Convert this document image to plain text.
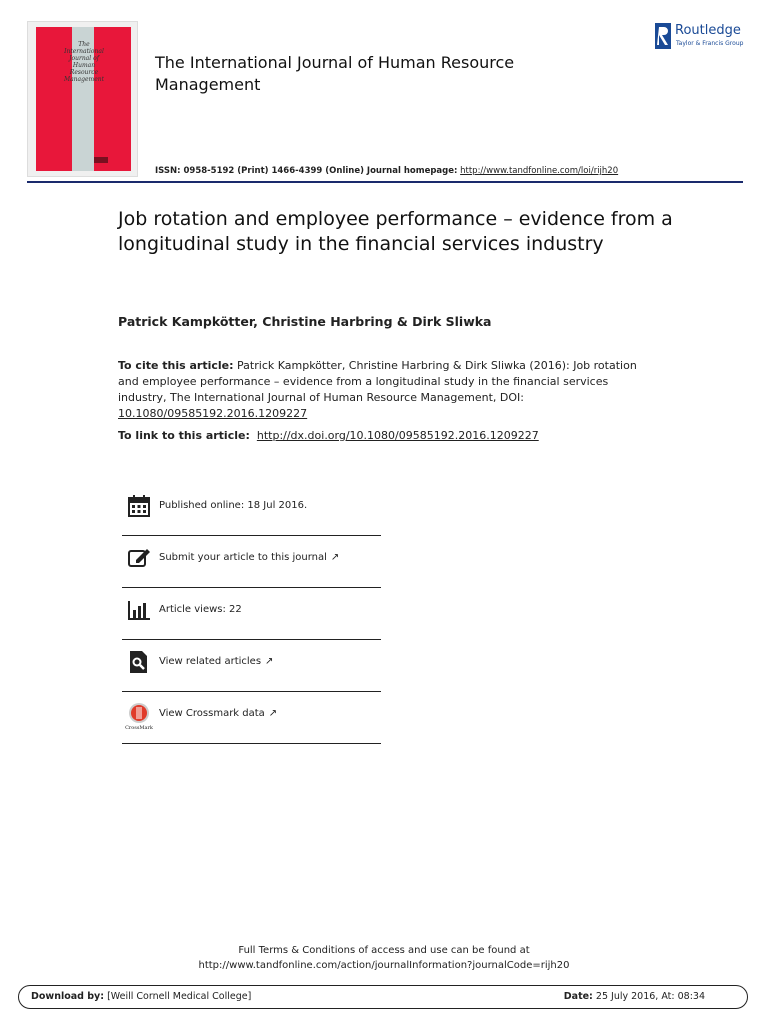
The
International
Journal of
Human
Resource
Management
The International Journal of Human Resource Management
Routledge
Taylor & Francis Group
ISSN: 0958-5192 (Print) 1466-4399 (Online) Journal homepage: http://www.tandfonline.com/loi/rijh20
Job rotation and employee performance – evidence from a longitudinal study in the financial services industry
Patrick Kampkötter, Christine Harbring & Dirk Sliwka
To cite this article: Patrick Kampkötter, Christine Harbring & Dirk Sliwka (2016): Job rotation and employee performance – evidence from a longitudinal study in the financial services industry, The International Journal of Human Resource Management, DOI: 10.1080/09585192.2016.1209227
To link to this article: http://dx.doi.org/10.1080/09585192.2016.1209227
Published online: 18 Jul 2016.
Submit your article to this journal ↗
Article views: 22
View related articles ↗
CrossMark
View Crossmark data ↗
Full Terms & Conditions of access and use can be found at
http://www.tandfonline.com/action/journalInformation?journalCode=rijh20
Download by: [Weill Cornell Medical College]	Date: 25 July 2016, At: 08:34
